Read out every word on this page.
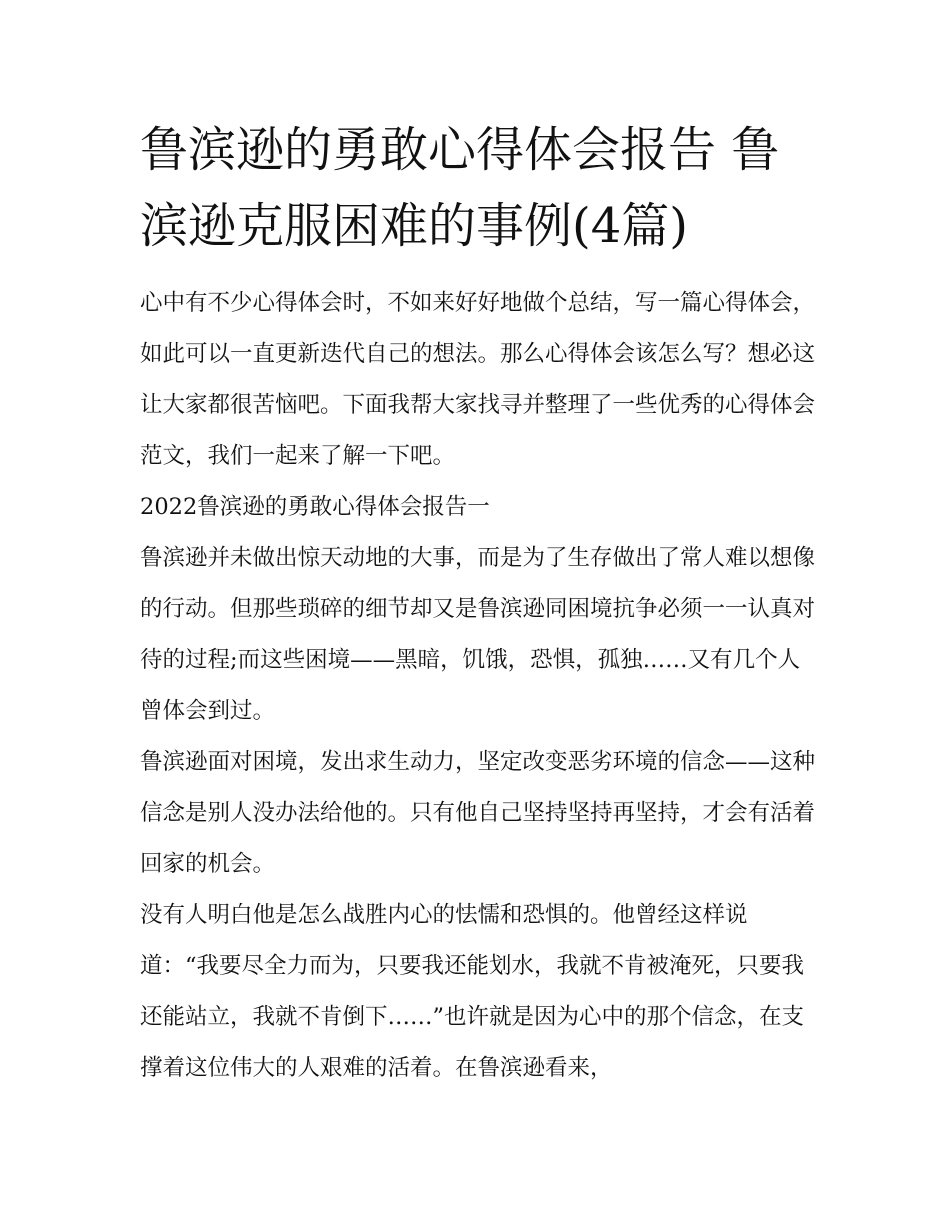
鲁滨逊的勇敢心得体会报告 鲁滨逊克服困难的事例(4篇)

心中有不少心得体会时，不如来好好地做个总结，写一篇心得体会，如此可以一直更新迭代自己的想法。那么心得体会该怎么写？想必这让大家都很苦恼吧。下面我帮大家找寻并整理了一些优秀的心得体会范文，我们一起来了解一下吧。

2022鲁滨逊的勇敢心得体会报告一

鲁滨逊并未做出惊天动地的大事，而是为了生存做出了常人难以想像的行动。但那些琐碎的细节却又是鲁滨逊同困境抗争必须一一认真对待的过程;而这些困境——黑暗，饥饿，恐惧，孤独……又有几个人曾体会到过。

鲁滨逊面对困境，发出求生动力，坚定改变恶劣环境的信念——这种信念是别人没办法给他的。只有他自己坚持坚持再坚持，才会有活着回家的机会。

没有人明白他是怎么战胜内心的怯懦和恐惧的。他曾经这样说道：“我要尽全力而为，只要我还能划水，我就不肯被淹死，只要我还能站立，我就不肯倒下……”也许就是因为心中的那个信念，在支撑着这位伟大的人艰难的活着。在鲁滨逊看来，
